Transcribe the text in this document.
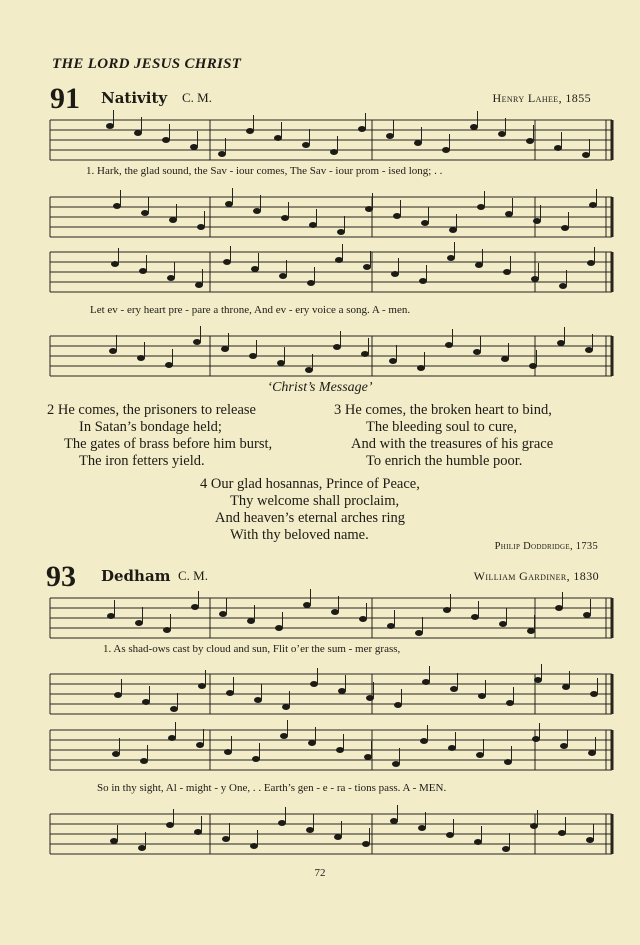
THE LORD JESUS CHRIST
91 Nativity C. M.	Henry Lahee, 1855
1. Hark, the glad sound, the Sav - iour comes, The Sav - iour prom - ised long; . .
Let ev - ery heart pre - pare a throne, And ev - ery voice a song. A - men.
‘Christ’s Message’
2 He comes, the prisoners to release
In Satan’s bondage held;
The gates of brass before him burst,
The iron fetters yield.
3 He comes, the broken heart to bind,
The bleeding soul to cure,
And with the treasures of his grace
To enrich the humble poor.
4 Our glad hosannas, Prince of Peace,
Thy welcome shall proclaim,
And heaven’s eternal arches ring
With thy beloved name.
Philip Doddridge, 1735
93 Dedham C. M.	William Gardiner, 1830
1. As shad-ows cast by cloud and sun, Flit o’er the sum - mer grass,
So in thy sight, Al - might - y One, . . Earth’s gen - e - ra - tions pass. A - MEN.
72
